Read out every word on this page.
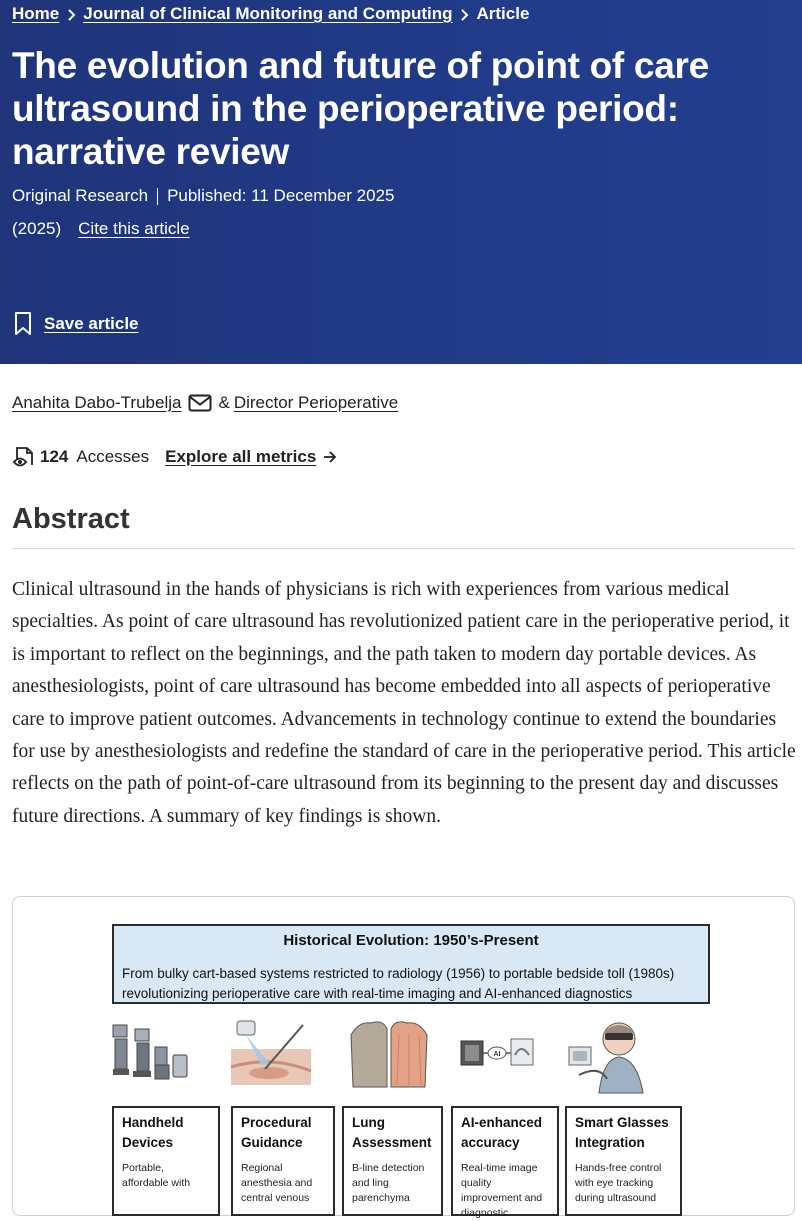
Home Journal of Clinical Monitoring and Computing Article
The evolution and future of point of care ultrasound in the perioperative period: narrative review
Original Research Published: 11 December 2025
(2025) Cite this article
Save article
Anahita Dabo-Trubelja & Director Perioperative
124 Accesses Explore all metrics
Abstract

Clinical ultrasound in the hands of physicians is rich with experiences from various medical specialties. As point of care ultrasound has revolutionized patient care in the perioperative period, it is important to reflect on the beginnings, and the path taken to modern day portable devices. As anesthesiologists, point of care ultrasound has become embedded into all aspects of perioperative care to improve patient outcomes. Advancements in technology continue to extend the boundaries for use by anesthesiologists and redefine the standard of care in the perioperative period. This article reflects on the path of point-of-care ultrasound from its beginning to the present day and discusses future directions. A summary of key findings is shown.

Historical Evolution: 1950’s-Present
From bulky cart-based systems restricted to radiology (1956) to portable bedside toll (1980s) revolutionizing perioperative care with real-time imaging and AI-enhanced diagnostics
AI
Handheld Devices
Portable, affordable with
Procedural Guidance
Regional anesthesia and central venous
Lung Assessment
B-line detection and ling parenchyma
AI-enhanced accuracy
Real-time image quality improvement and diagnostic
Smart Glasses Integration
Hands-free control with eye tracking during ultrasound
